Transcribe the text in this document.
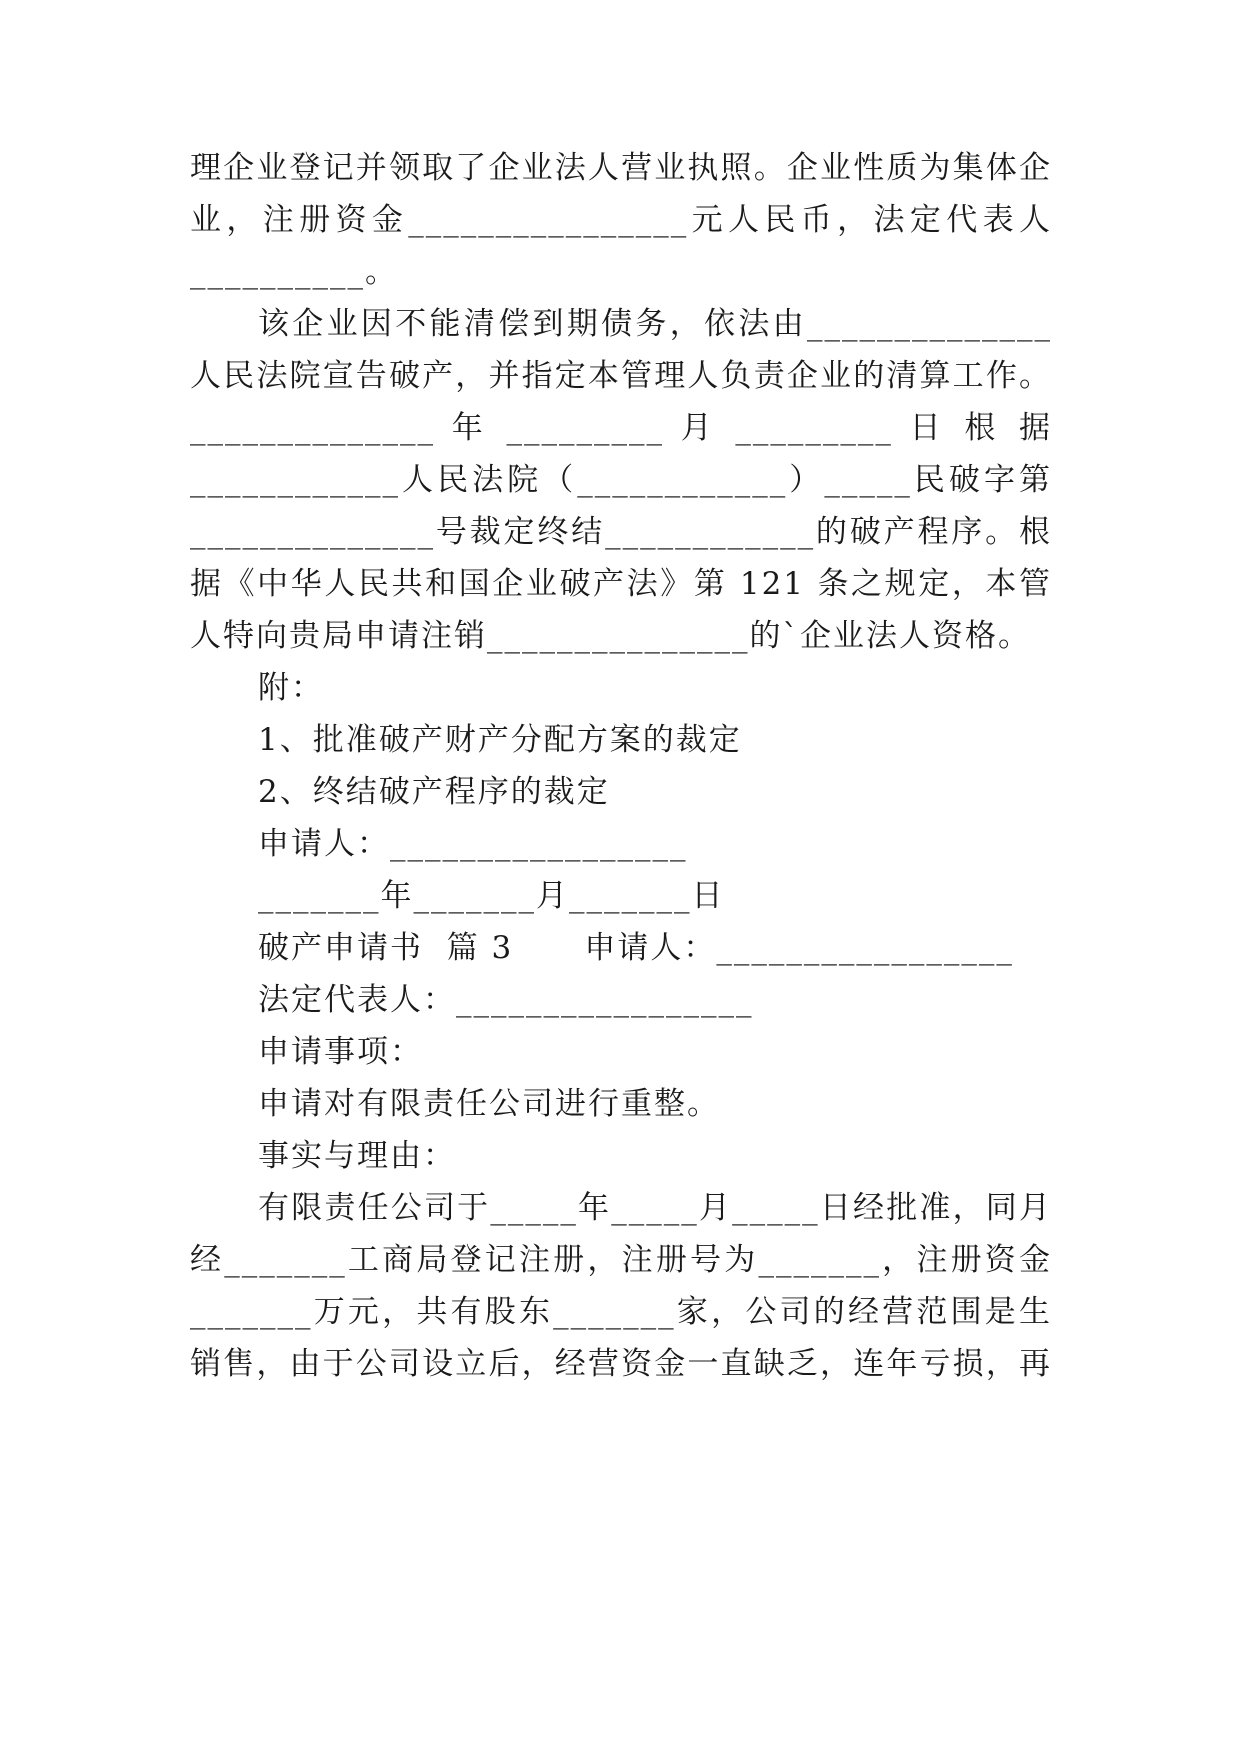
理企业登记并领取了企业法人营业执照。企业性质为集体企
业，注册资金________________元人民币，法定代表人
__________。
该企业因不能清偿到期债务，依法由______________
人民法院宣告破产，并指定本管理人负责企业的清算工作。
______________ 年 _________ 月 _________ 日 根 据
____________人民法院（____________）_____民破字第
______________号裁定终结____________的破产程序。根
据《中华人民共和国企业破产法》第 121 条之规定，本管
人特向贵局申请注销_______________的`企业法人资格。
附：
1、批准破产财产分配方案的裁定
2、终结破产程序的裁定
申请人：_________________
_______年_______月_______日
破产申请书  篇 3      申请人：_________________
法定代表人：_________________
申请事项：
申请对有限责任公司进行重整。
事实与理由：
有限责任公司于_____年_____月_____日经批准，同月
经_______工商局登记注册，注册号为_______，注册资金
_______万元，共有股东_______家，公司的经营范围是生
销售，由于公司设立后，经营资金一直缺乏，连年亏损，再
